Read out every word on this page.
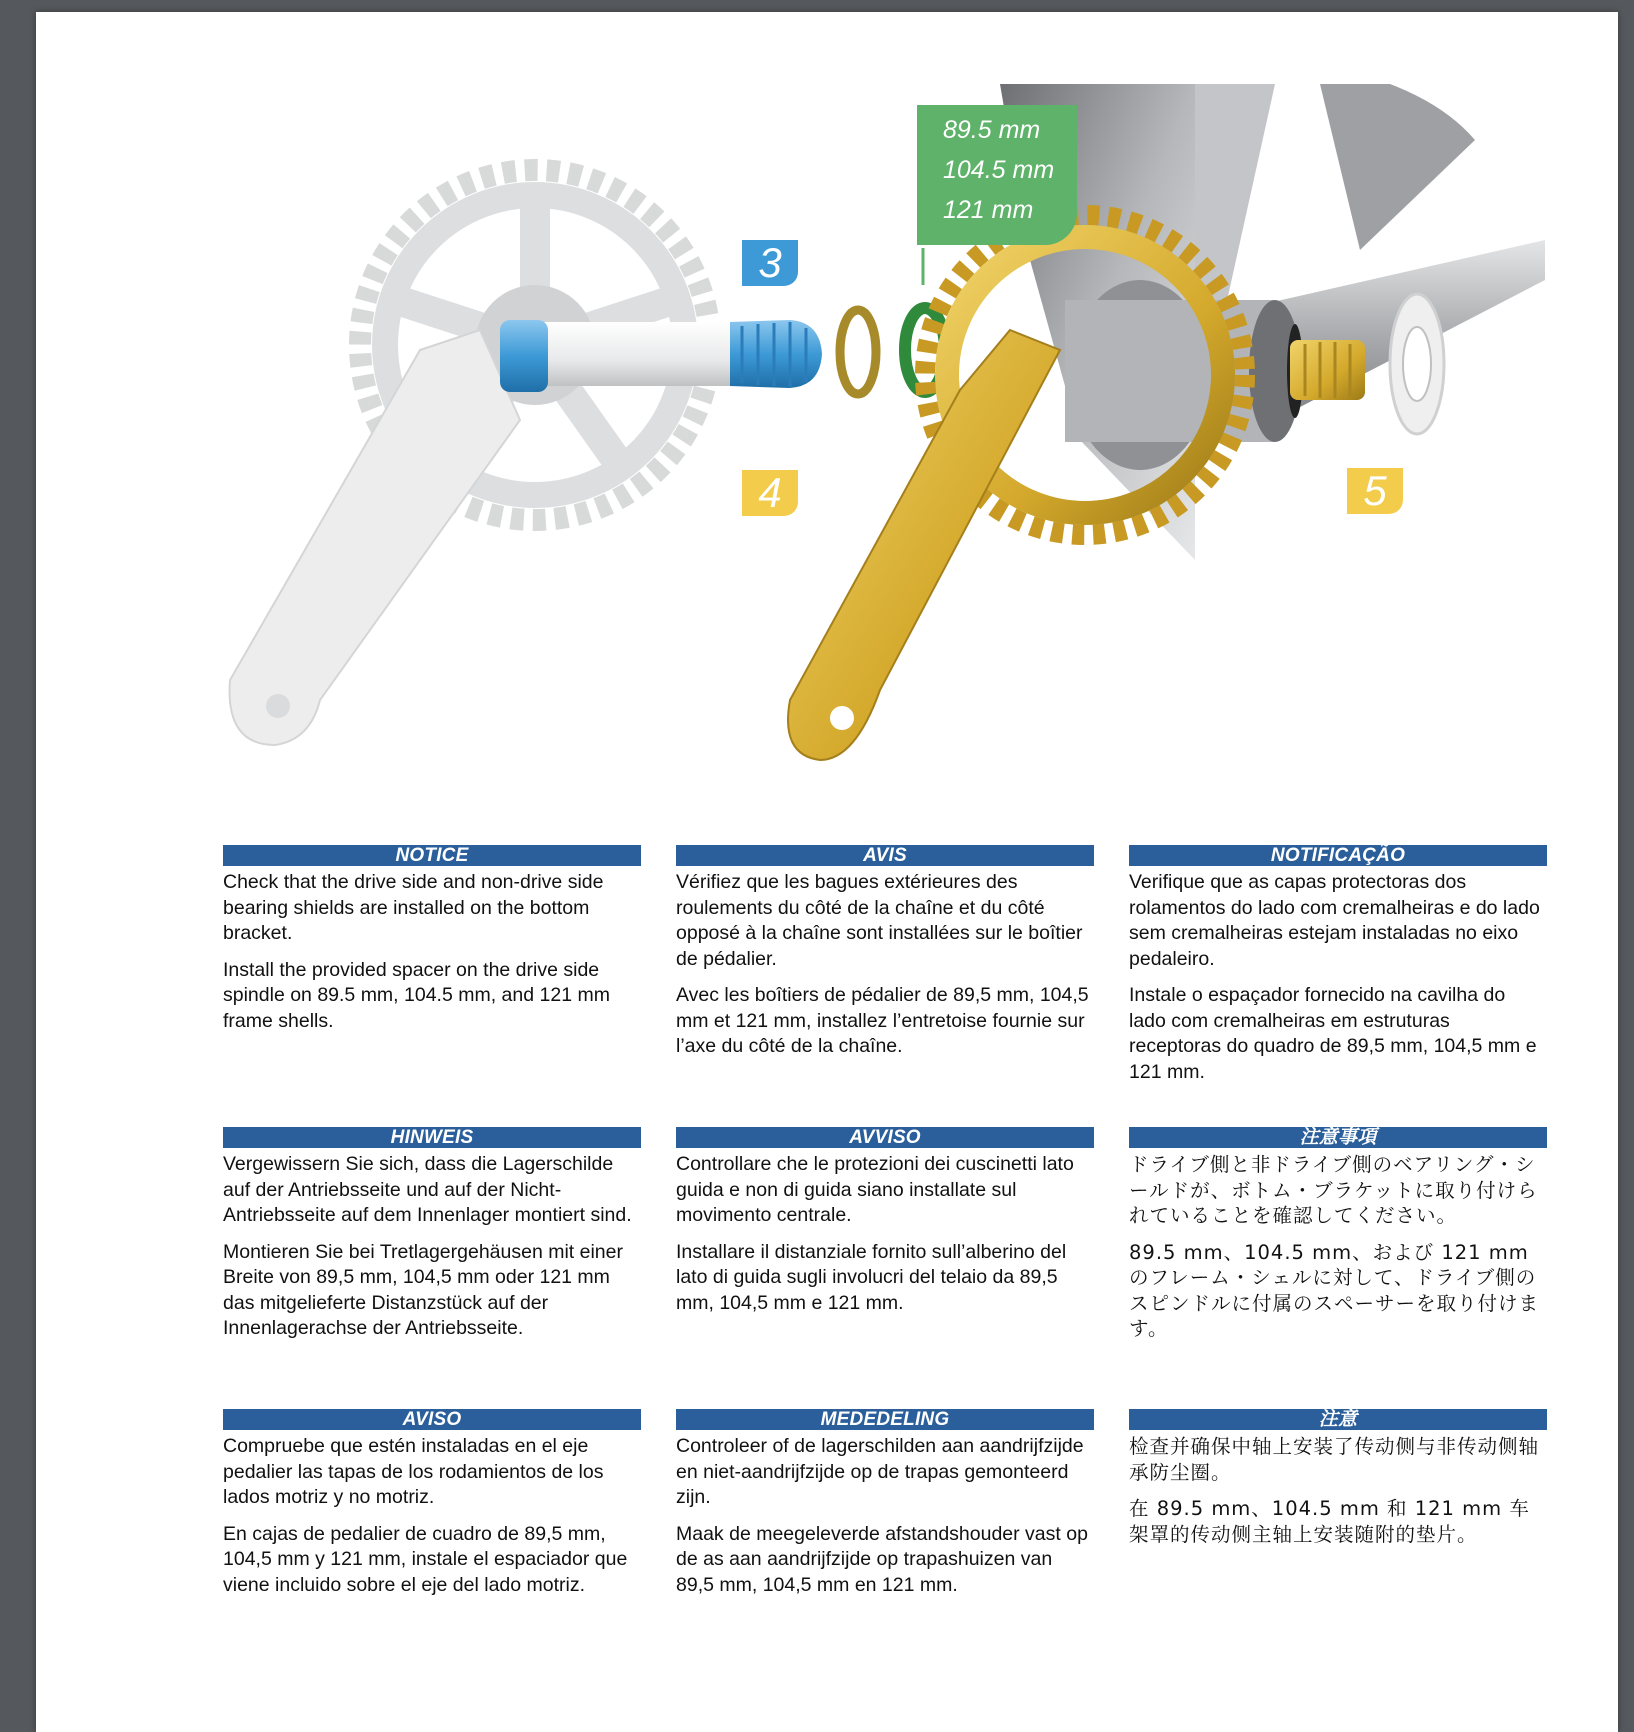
89.5 mm
104.5 mm
121 mm
3
4	5
NOTICE

Check that the drive side and non-drive side bearing shields are installed on the bottom bracket.

Install the provided spacer on the drive side spindle on 89.5 mm, 104.5 mm, and 121 mm frame shells.

AVIS

Vérifiez que les bagues extérieures des roulements du côté de la chaîne et du côté opposé à la chaîne sont installées sur le boîtier de pédalier.

Avec les boîtiers de pédalier de 89,5 mm, 104,5 mm et 121 mm, installez l’entretoise fournie sur l’axe du côté de la chaîne.

NOTIFICAÇÃO

Verifique que as capas protectoras dos rolamentos do lado com cremalheiras e do lado sem cremalheiras estejam instaladas no eixo pedaleiro.

Instale o espaçador fornecido na cavilha do lado com cremalheiras em estruturas receptoras do quadro de 89,5 mm, 104,5 mm e 121 mm.

HINWEIS

Vergewissern Sie sich, dass die Lagerschilde auf der Antriebsseite und auf der Nicht-Antriebsseite auf dem Innenlager montiert sind.

Montieren Sie bei Tretlagergehäusen mit einer Breite von 89,5 mm, 104,5 mm oder 121 mm das mitgelieferte Distanzstück auf der Innenlagerachse der Antriebsseite.

AVVISO

Controllare che le protezioni dei cuscinetti lato guida e non di guida siano installate sul movimento centrale.

Installare il distanziale fornito sull’alberino del lato di guida sugli involucri del telaio da 89,5 mm, 104,5 mm e 121 mm.

注意事項

ドライブ側と非ドライブ側のベアリング・シールドが、ボトム・ブラケットに取り付けられていることを確認してください。

89.5 mm、104.5 mm、および 121 mm のフレーム・シェルに対して、ドライブ側のスピンドルに付属のスペーサーを取り付けます。

AVISO

Compruebe que estén instaladas en el eje pedalier las tapas de los rodamientos de los lados motriz y no motriz.

En cajas de pedalier de cuadro de 89,5 mm, 104,5 mm y 121 mm, instale el espaciador que viene incluido sobre el eje del lado motriz.

MEDEDELING

Controleer of de lagerschilden aan aandrijfzijde en niet-aandrijfzijde op de trapas gemonteerd zijn.

Maak de meegeleverde afstandshouder vast op de as aan aandrijfzijde op trapashuizen van 89,5 mm, 104,5 mm en 121 mm.

注意

检查并确保中轴上安装了传动侧与非传动侧轴承防尘圈。

在 89.5 mm、104.5 mm 和 121 mm 车架罩的传动侧主轴上安装随附的垫片。
